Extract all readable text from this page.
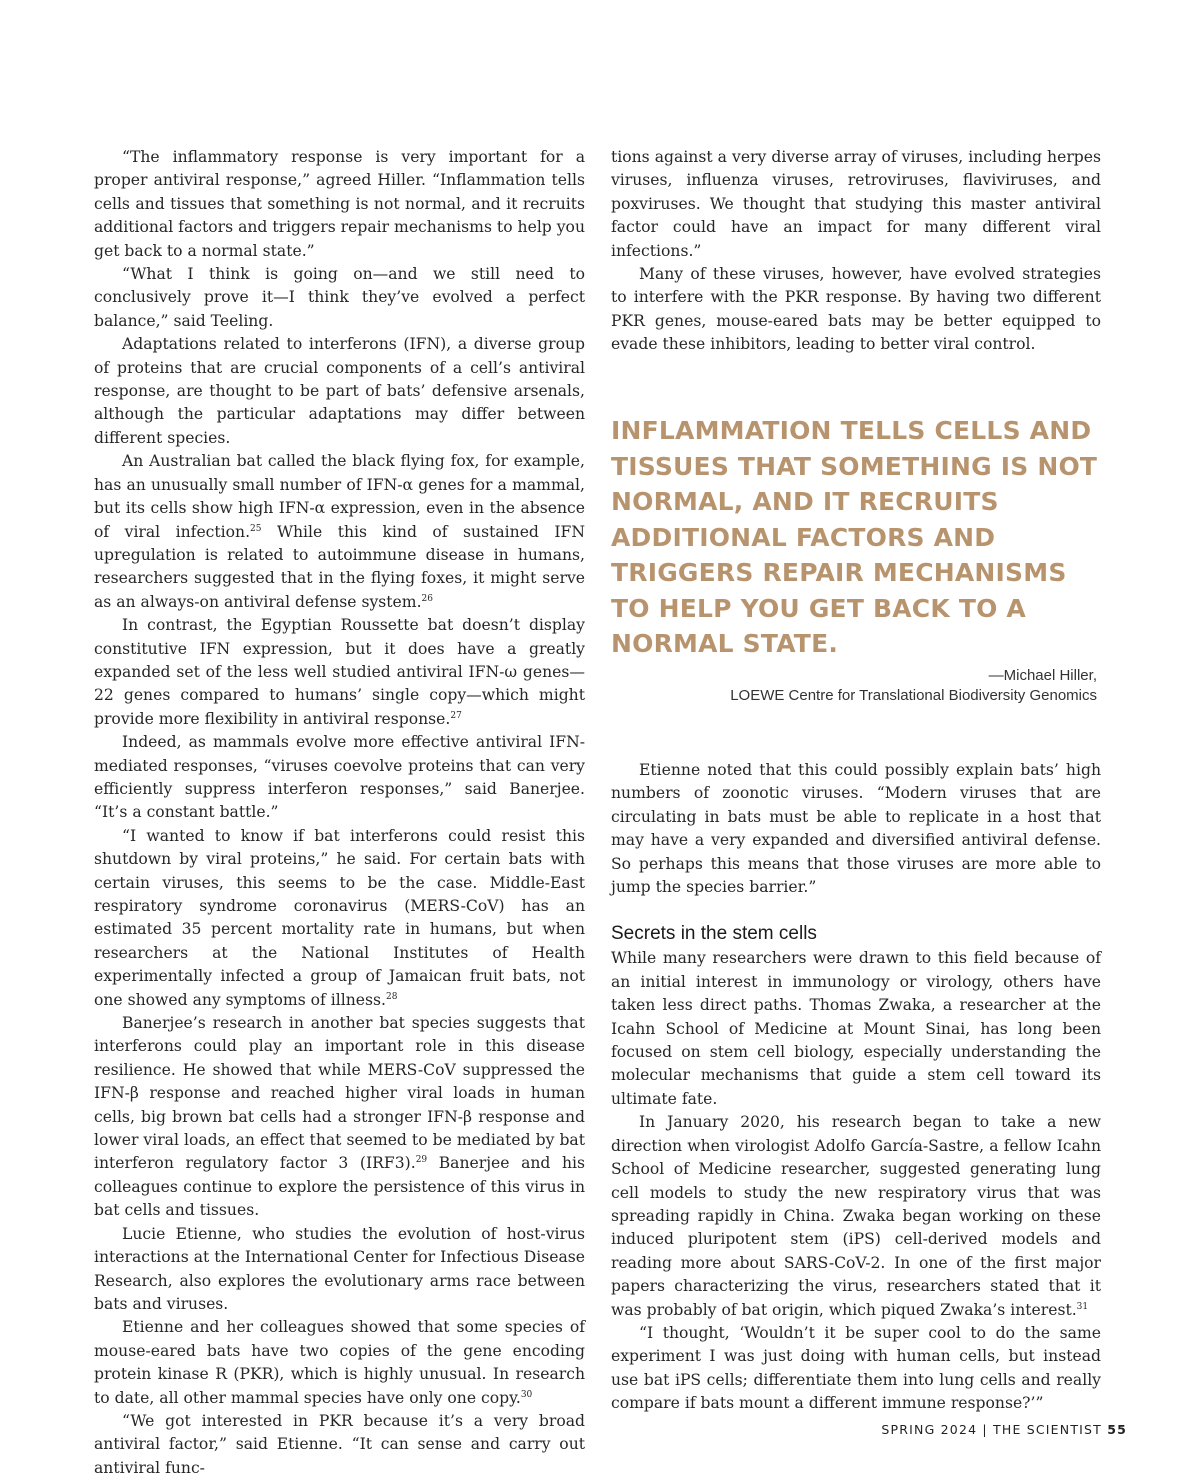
“The inflammatory response is very important for a proper antiviral response,” agreed Hiller. “Inflammation tells cells and tissues that something is not normal, and it recruits additional factors and triggers repair mechanisms to help you get back to a normal state.”

“What I think is going on—and we still need to conclusively prove it—I think they’ve evolved a perfect balance,” said Teeling.

Adaptations related to interferons (IFN), a diverse group of proteins that are crucial components of a cell’s antiviral response, are thought to be part of bats’ defensive arsenals, although the particular adaptations may differ between different species.

An Australian bat called the black flying fox, for example, has an unusually small number of IFN-α genes for a mammal, but its cells show high IFN-α expression, even in the absence of viral infection.$^{25}$ While this kind of sustained IFN upregulation is related to autoimmune disease in humans, researchers suggested that in the flying foxes, it might serve as an always-on antiviral defense system.$^{26}$

In contrast, the Egyptian Roussette bat doesn’t display constitutive IFN expression, but it does have a greatly expanded set of the less well studied antiviral IFN-ω genes—22 genes compared to humans’ single copy—which might provide more flexibility in antiviral response.$^{27}$

Indeed, as mammals evolve more effective antiviral IFN-mediated responses, “viruses coevolve proteins that can very efficiently suppress interferon responses,” said Banerjee. “It’s a constant battle.”

“I wanted to know if bat interferons could resist this shutdown by viral proteins,” he said. For certain bats with certain viruses, this seems to be the case. Middle-East respiratory syndrome coronavirus (MERS-CoV) has an estimated 35 percent mortality rate in humans, but when researchers at the National Institutes of Health experimentally infected a group of Jamaican fruit bats, not one showed any symptoms of illness.$^{28}$

Banerjee’s research in another bat species suggests that interferons could play an important role in this disease resilience. He showed that while MERS-CoV suppressed the IFN-β response and reached higher viral loads in human cells, big brown bat cells had a stronger IFN-β response and lower viral loads, an effect that seemed to be mediated by bat interferon regulatory factor 3 (IRF3).$^{29}$ Banerjee and his colleagues continue to explore the persistence of this virus in bat cells and tissues.

Lucie Etienne, who studies the evolution of host-virus interactions at the International Center for Infectious Disease Research, also explores the evolutionary arms race between bats and viruses.

Etienne and her colleagues showed that some species of mouse-eared bats have two copies of the gene encoding protein kinase R (PKR), which is highly unusual. In research to date, all other mammal species have only one copy.$^{30}$

“We got interested in PKR because it’s a very broad antiviral factor,” said Etienne. “It can sense and carry out antiviral func-

tions against a very diverse array of viruses, including herpes viruses, influenza viruses, retroviruses, flaviviruses, and poxviruses. We thought that studying this master antiviral factor could have an impact for many different viral infections.”

Many of these viruses, however, have evolved strategies to interfere with the PKR response. By having two different PKR genes, mouse-eared bats may be better equipped to evade these inhibitors, leading to better viral control.

INFLAMMATION TELLS CELLS AND TISSUES THAT SOMETHING IS NOT NORMAL, AND IT RECRUITS ADDITIONAL FACTORS AND TRIGGERS REPAIR MECHANISMS TO HELP YOU GET BACK TO A NORMAL STATE.

—Michael Hiller,
LOEWE Centre for Translational Biodiversity Genomics

Etienne noted that this could possibly explain bats’ high numbers of zoonotic viruses. “Modern viruses that are circulating in bats must be able to replicate in a host that may have a very expanded and diversified antiviral defense. So perhaps this means that those viruses are more able to jump the species barrier.”

Secrets in the stem cells

While many researchers were drawn to this field because of an initial interest in immunology or virology, others have taken less direct paths. Thomas Zwaka, a researcher at the Icahn School of Medicine at Mount Sinai, has long been focused on stem cell biology, especially understanding the molecular mechanisms that guide a stem cell toward its ultimate fate.

In January 2020, his research began to take a new direction when virologist Adolfo García-Sastre, a fellow Icahn School of Medicine researcher, suggested generating lung cell models to study the new respiratory virus that was spreading rapidly in China. Zwaka began working on these induced pluripotent stem (iPS) cell-derived models and reading more about SARS-CoV-2. In one of the first major papers characterizing the virus, researchers stated that it was probably of bat origin, which piqued Zwaka’s interest.$^{31}$

“I thought, ‘Wouldn’t it be super cool to do the same experiment I was just doing with human cells, but instead use bat iPS cells; differentiate them into lung cells and really compare if bats mount a different immune response?’”

SPRING 2024 | THE SCIENTIST 55
